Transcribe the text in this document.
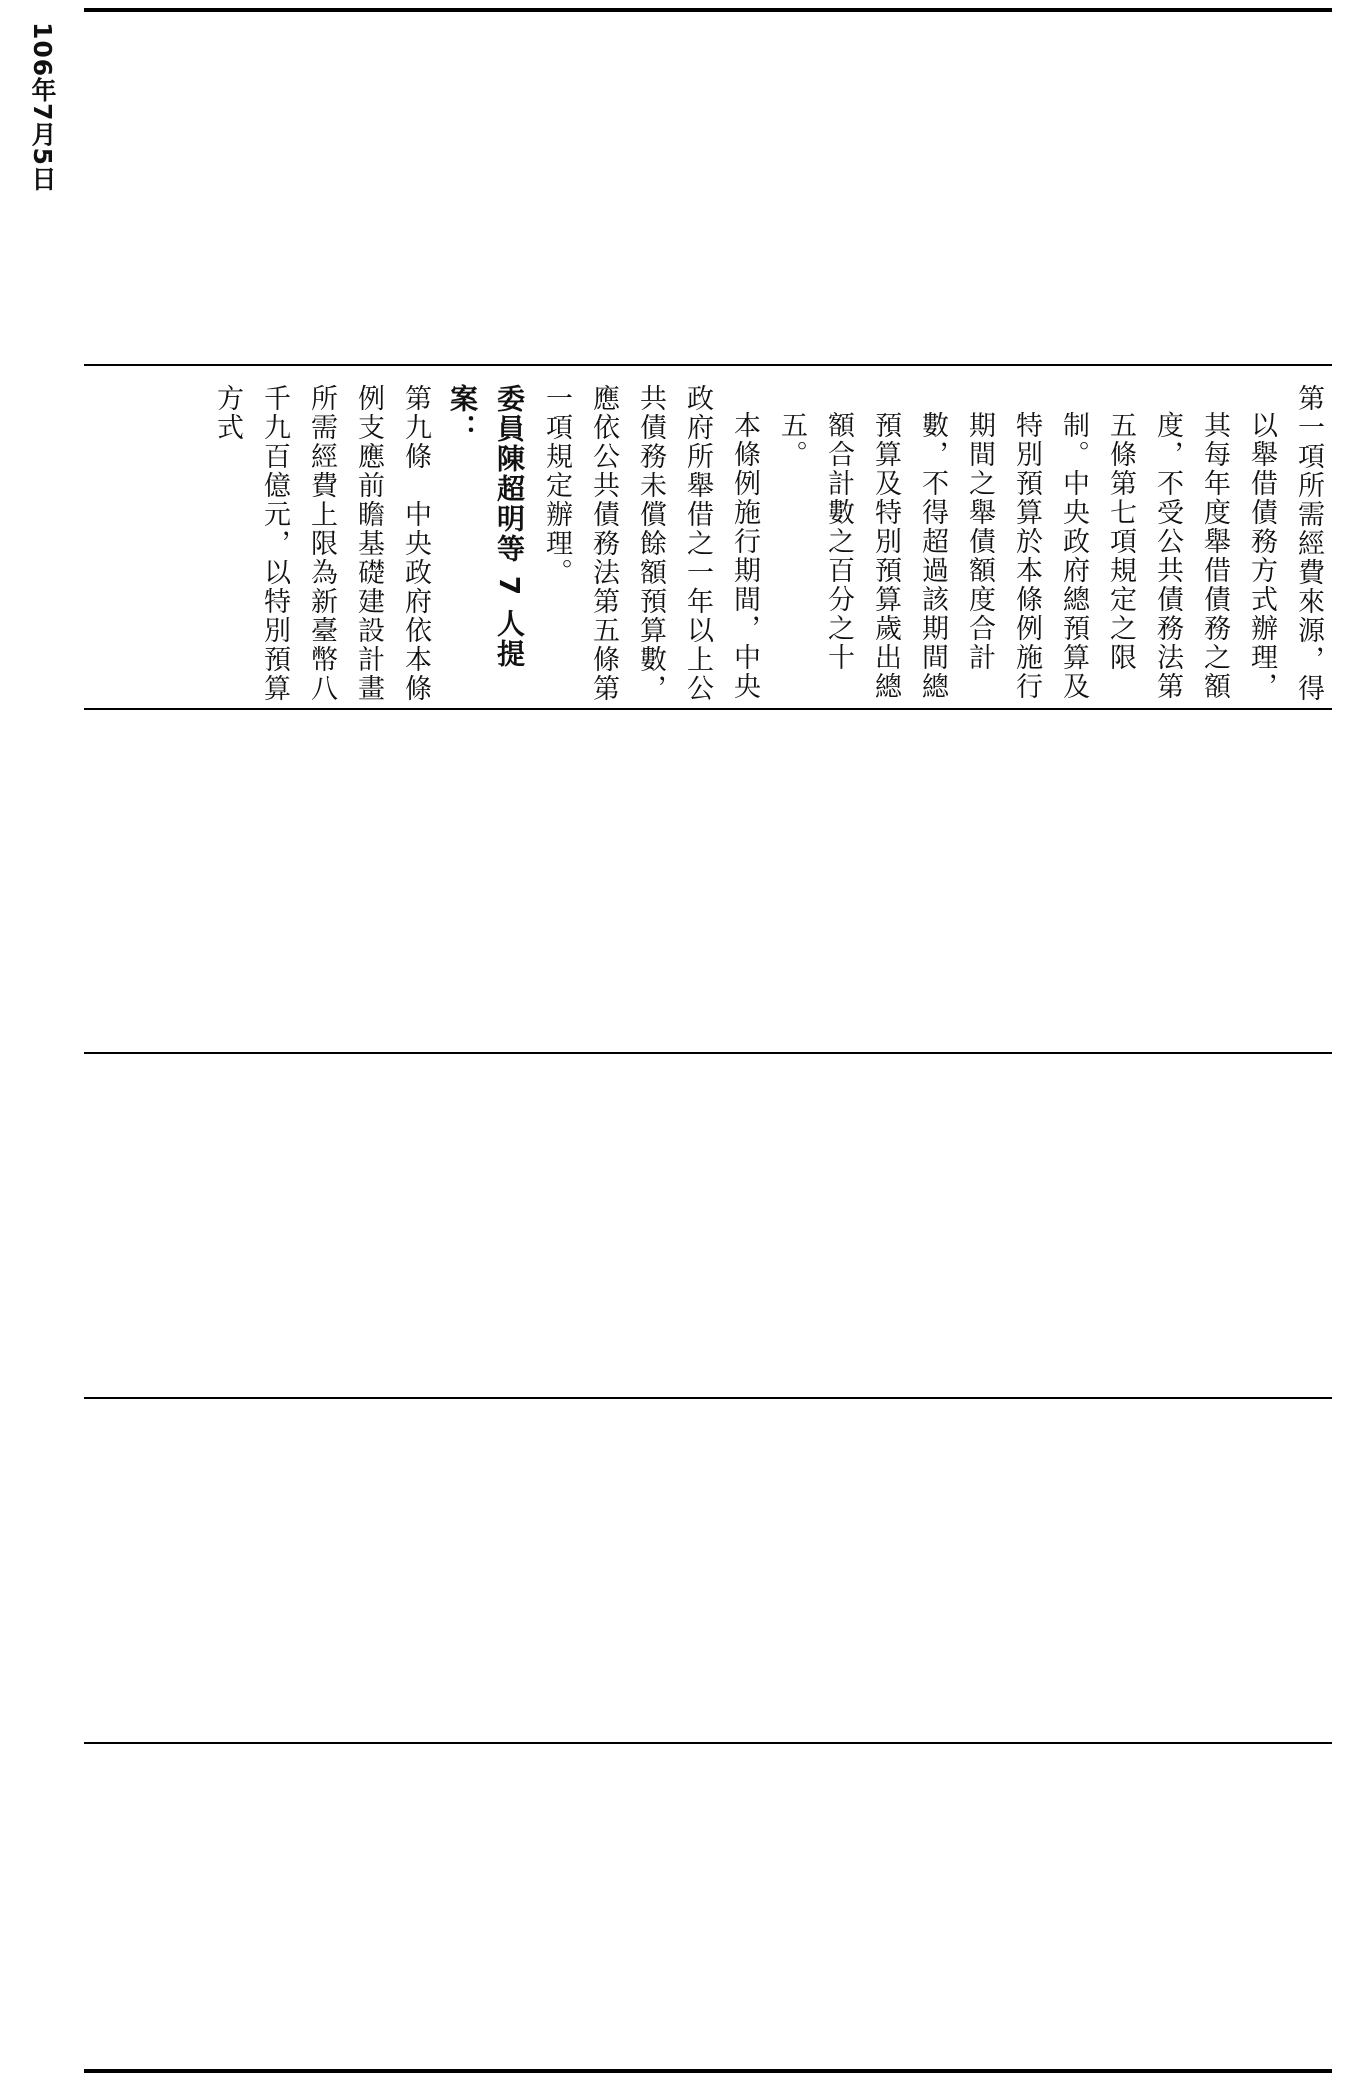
106年7月5日

第一項所需經費來源，得以舉借債務方式辦理，其每年度舉借債務之額度，不受公共債務法第五條第七項規定之限制。中央政府總預算及特別預算於本條例施行期間之舉債額度合計數，不得超過該期間總預算及特別預算歲出總額合計數之百分之十五。

本條例施行期間，中央政府所舉借之一年以上公共債務未償餘額預算數，應依公共債務法第五條第一項規定辦理。

委員陳超明等 7 人提案：

第九條　中央政府依本條例支應前瞻基礎建設計畫所需經費上限為新臺幣八千九百億元，以特別預算方式
